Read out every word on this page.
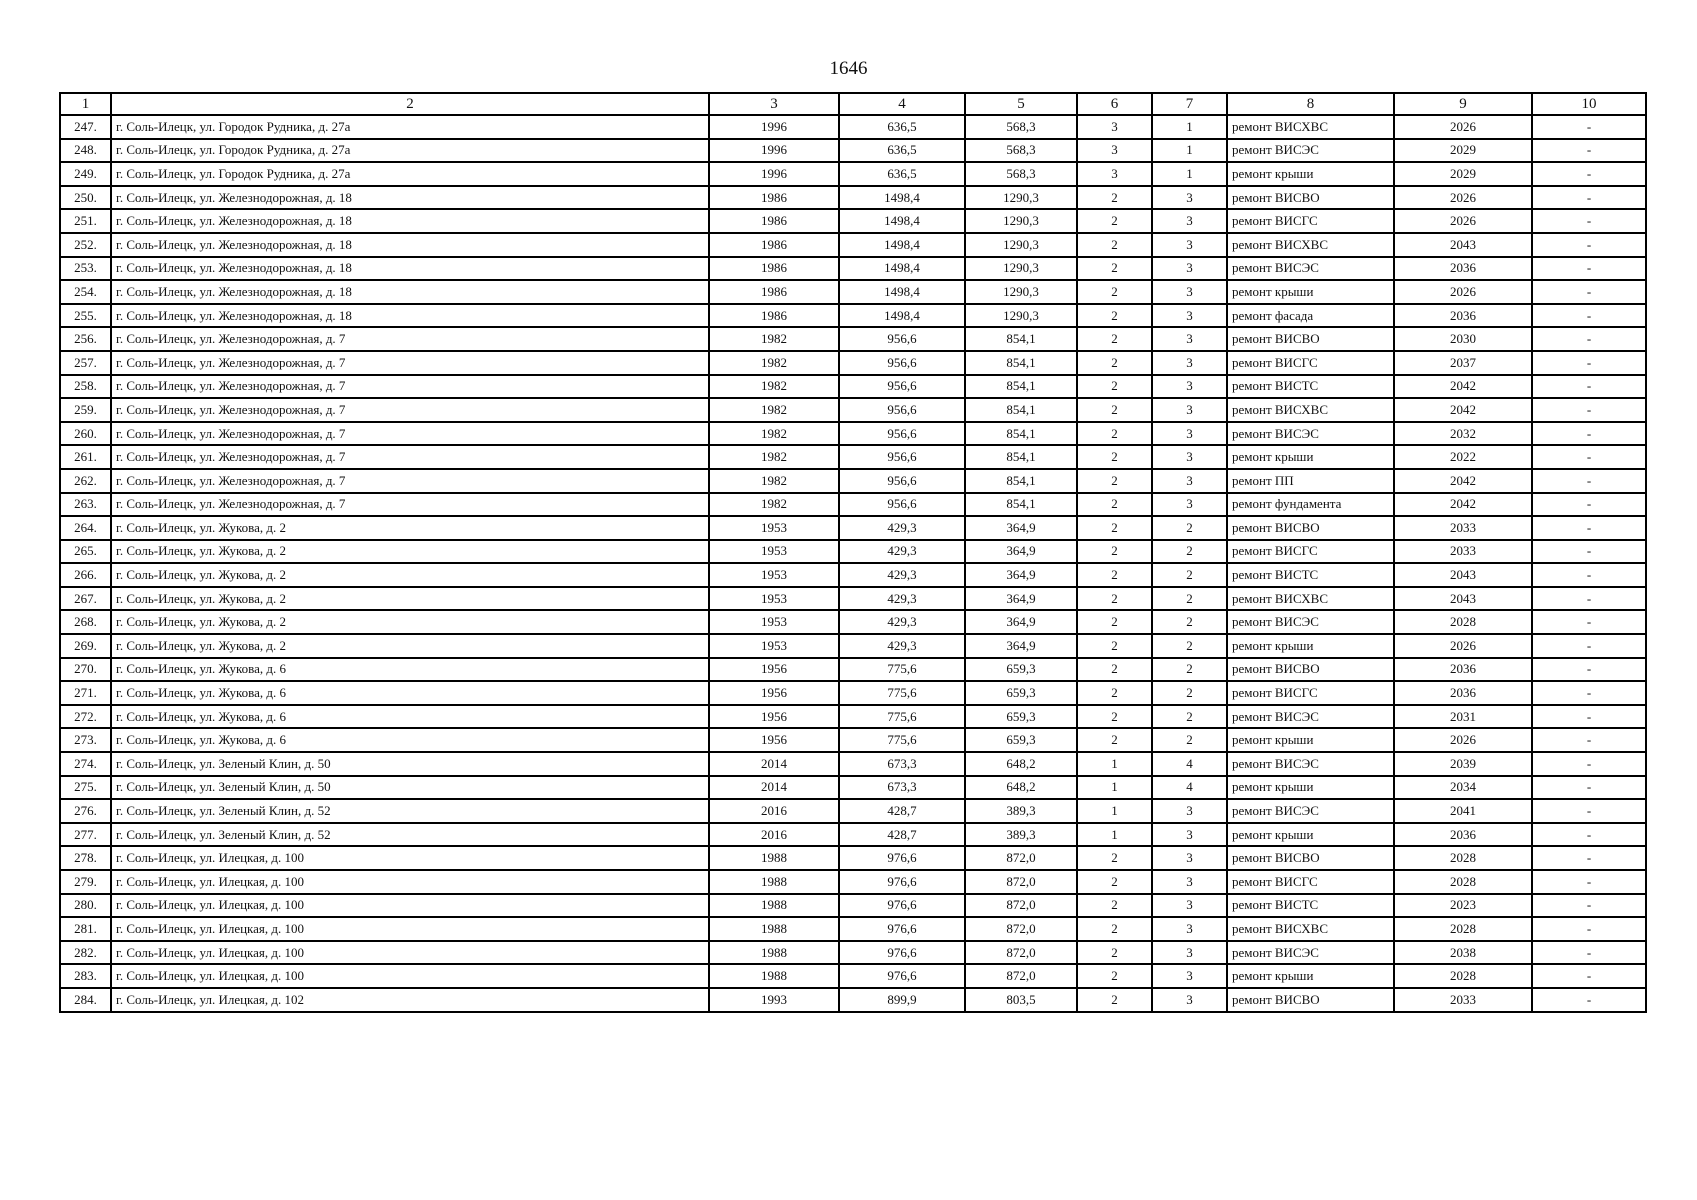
1646
1	2	3	4	5	6	7	8	9	10
247.	г. Соль-Илецк, ул. Городок Рудника, д. 27а	1996	636,5	568,3	3	1	ремонт ВИСХВС	2026	-
248.	г. Соль-Илецк, ул. Городок Рудника, д. 27а	1996	636,5	568,3	3	1	ремонт ВИСЭС	2029	-
249.	г. Соль-Илецк, ул. Городок Рудника, д. 27а	1996	636,5	568,3	3	1	ремонт крыши	2029	-
250.	г. Соль-Илецк, ул. Железнодорожная, д. 18	1986	1498,4	1290,3	2	3	ремонт ВИСВО	2026	-
251.	г. Соль-Илецк, ул. Железнодорожная, д. 18	1986	1498,4	1290,3	2	3	ремонт ВИСГС	2026	-
252.	г. Соль-Илецк, ул. Железнодорожная, д. 18	1986	1498,4	1290,3	2	3	ремонт ВИСХВС	2043	-
253.	г. Соль-Илецк, ул. Железнодорожная, д. 18	1986	1498,4	1290,3	2	3	ремонт ВИСЭС	2036	-
254.	г. Соль-Илецк, ул. Железнодорожная, д. 18	1986	1498,4	1290,3	2	3	ремонт крыши	2026	-
255.	г. Соль-Илецк, ул. Железнодорожная, д. 18	1986	1498,4	1290,3	2	3	ремонт фасада	2036	-
256.	г. Соль-Илецк, ул. Железнодорожная, д. 7	1982	956,6	854,1	2	3	ремонт ВИСВО	2030	-
257.	г. Соль-Илецк, ул. Железнодорожная, д. 7	1982	956,6	854,1	2	3	ремонт ВИСГС	2037	-
258.	г. Соль-Илецк, ул. Железнодорожная, д. 7	1982	956,6	854,1	2	3	ремонт ВИСТС	2042	-
259.	г. Соль-Илецк, ул. Железнодорожная, д. 7	1982	956,6	854,1	2	3	ремонт ВИСХВС	2042	-
260.	г. Соль-Илецк, ул. Железнодорожная, д. 7	1982	956,6	854,1	2	3	ремонт ВИСЭС	2032	-
261.	г. Соль-Илецк, ул. Железнодорожная, д. 7	1982	956,6	854,1	2	3	ремонт крыши	2022	-
262.	г. Соль-Илецк, ул. Железнодорожная, д. 7	1982	956,6	854,1	2	3	ремонт ПП	2042	-
263.	г. Соль-Илецк, ул. Железнодорожная, д. 7	1982	956,6	854,1	2	3	ремонт фундамента	2042	-
264.	г. Соль-Илецк, ул. Жукова, д. 2	1953	429,3	364,9	2	2	ремонт ВИСВО	2033	-
265.	г. Соль-Илецк, ул. Жукова, д. 2	1953	429,3	364,9	2	2	ремонт ВИСГС	2033	-
266.	г. Соль-Илецк, ул. Жукова, д. 2	1953	429,3	364,9	2	2	ремонт ВИСТС	2043	-
267.	г. Соль-Илецк, ул. Жукова, д. 2	1953	429,3	364,9	2	2	ремонт ВИСХВС	2043	-
268.	г. Соль-Илецк, ул. Жукова, д. 2	1953	429,3	364,9	2	2	ремонт ВИСЭС	2028	-
269.	г. Соль-Илецк, ул. Жукова, д. 2	1953	429,3	364,9	2	2	ремонт крыши	2026	-
270.	г. Соль-Илецк, ул. Жукова, д. 6	1956	775,6	659,3	2	2	ремонт ВИСВО	2036	-
271.	г. Соль-Илецк, ул. Жукова, д. 6	1956	775,6	659,3	2	2	ремонт ВИСГС	2036	-
272.	г. Соль-Илецк, ул. Жукова, д. 6	1956	775,6	659,3	2	2	ремонт ВИСЭС	2031	-
273.	г. Соль-Илецк, ул. Жукова, д. 6	1956	775,6	659,3	2	2	ремонт крыши	2026	-
274.	г. Соль-Илецк, ул. Зеленый Клин, д. 50	2014	673,3	648,2	1	4	ремонт ВИСЭС	2039	-
275.	г. Соль-Илецк, ул. Зеленый Клин, д. 50	2014	673,3	648,2	1	4	ремонт крыши	2034	-
276.	г. Соль-Илецк, ул. Зеленый Клин, д. 52	2016	428,7	389,3	1	3	ремонт ВИСЭС	2041	-
277.	г. Соль-Илецк, ул. Зеленый Клин, д. 52	2016	428,7	389,3	1	3	ремонт крыши	2036	-
278.	г. Соль-Илецк, ул. Илецкая, д. 100	1988	976,6	872,0	2	3	ремонт ВИСВО	2028	-
279.	г. Соль-Илецк, ул. Илецкая, д. 100	1988	976,6	872,0	2	3	ремонт ВИСГС	2028	-
280.	г. Соль-Илецк, ул. Илецкая, д. 100	1988	976,6	872,0	2	3	ремонт ВИСТС	2023	-
281.	г. Соль-Илецк, ул. Илецкая, д. 100	1988	976,6	872,0	2	3	ремонт ВИСХВС	2028	-
282.	г. Соль-Илецк, ул. Илецкая, д. 100	1988	976,6	872,0	2	3	ремонт ВИСЭС	2038	-
283.	г. Соль-Илецк, ул. Илецкая, д. 100	1988	976,6	872,0	2	3	ремонт крыши	2028	-
284.	г. Соль-Илецк, ул. Илецкая, д. 102	1993	899,9	803,5	2	3	ремонт ВИСВО	2033	-
